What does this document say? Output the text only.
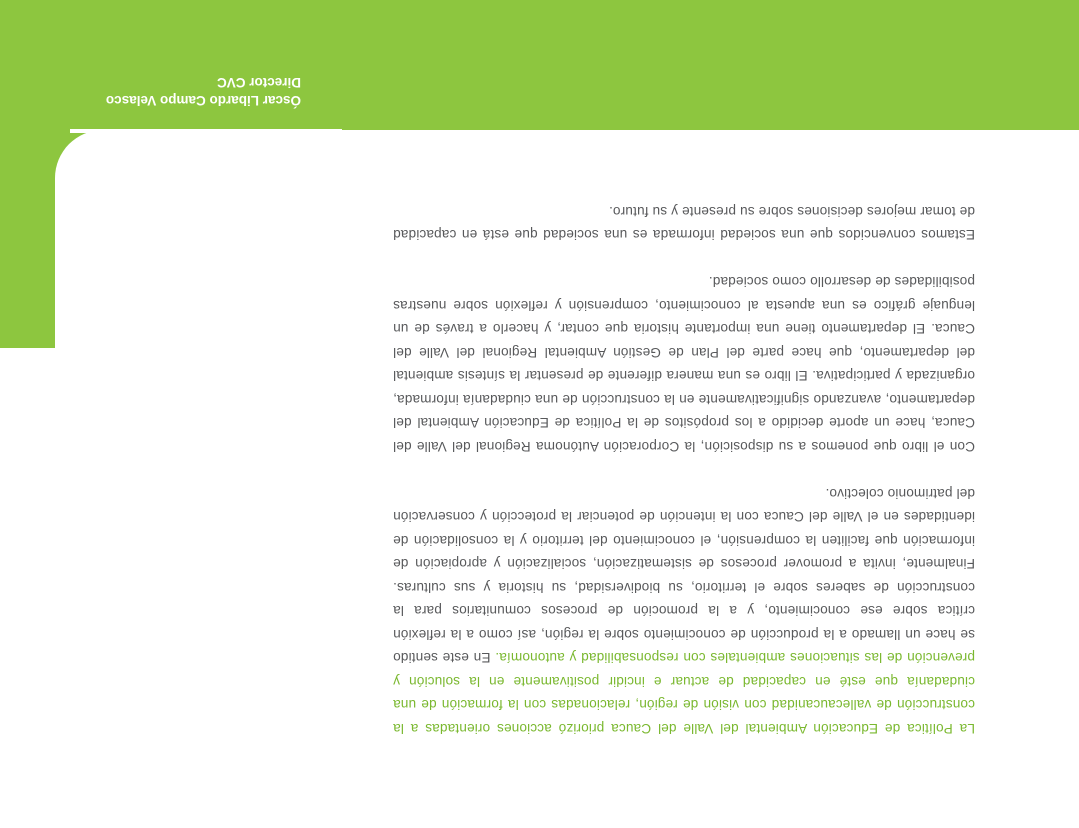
La Política de Educación Ambiental del Valle del Cauca priorizó acciones orientadas a la construcción de vallecaucanidad con visión de región, relacionadas con la formación de una ciudadanía que esté en capacidad de actuar e incidir positivamente en la solución y prevención de las situaciones ambientales con responsabilidad y autonomía. En este sentido se hace un llamado a la producción de conocimiento sobre la región, así como a la reflexión crítica sobre ese conocimiento, y a la promoción de procesos comunitarios para la construcción de saberes sobre el territorio, su biodiversidad, su historia y sus culturas. Finalmente, invita a promover procesos de sistematización, socialización y apropiación de información que faciliten la comprensión, el conocimiento del territorio y la consolidación de identidades en el Valle del Cauca con la intención de potenciar la protección y conservación del patrimonio colectivo.

Con el libro que ponemos a su disposición, la Corporación Autónoma Regional del Valle del Cauca, hace un aporte decidido a los propósitos de la Política de Educación Ambiental del departamento, avanzando significativamente en la construcción de una ciudadanía informada, organizada y participativa. El libro es una manera diferente de presentar la síntesis ambiental del departamento, que hace parte del Plan de Gestión Ambiental Regional del Valle del Cauca. El departamento tiene una importante historia que contar, y hacerlo a través de un lenguaje gráfico es una apuesta al conocimiento, comprensión y reflexión sobre nuestras posibilidades de desarrollo como sociedad.

Estamos convencidos que una sociedad informada es una sociedad que está en capacidad de tomar mejores decisiones sobre su presente y su futuro.

Óscar Libardo Campo Velasco
Director CVC
